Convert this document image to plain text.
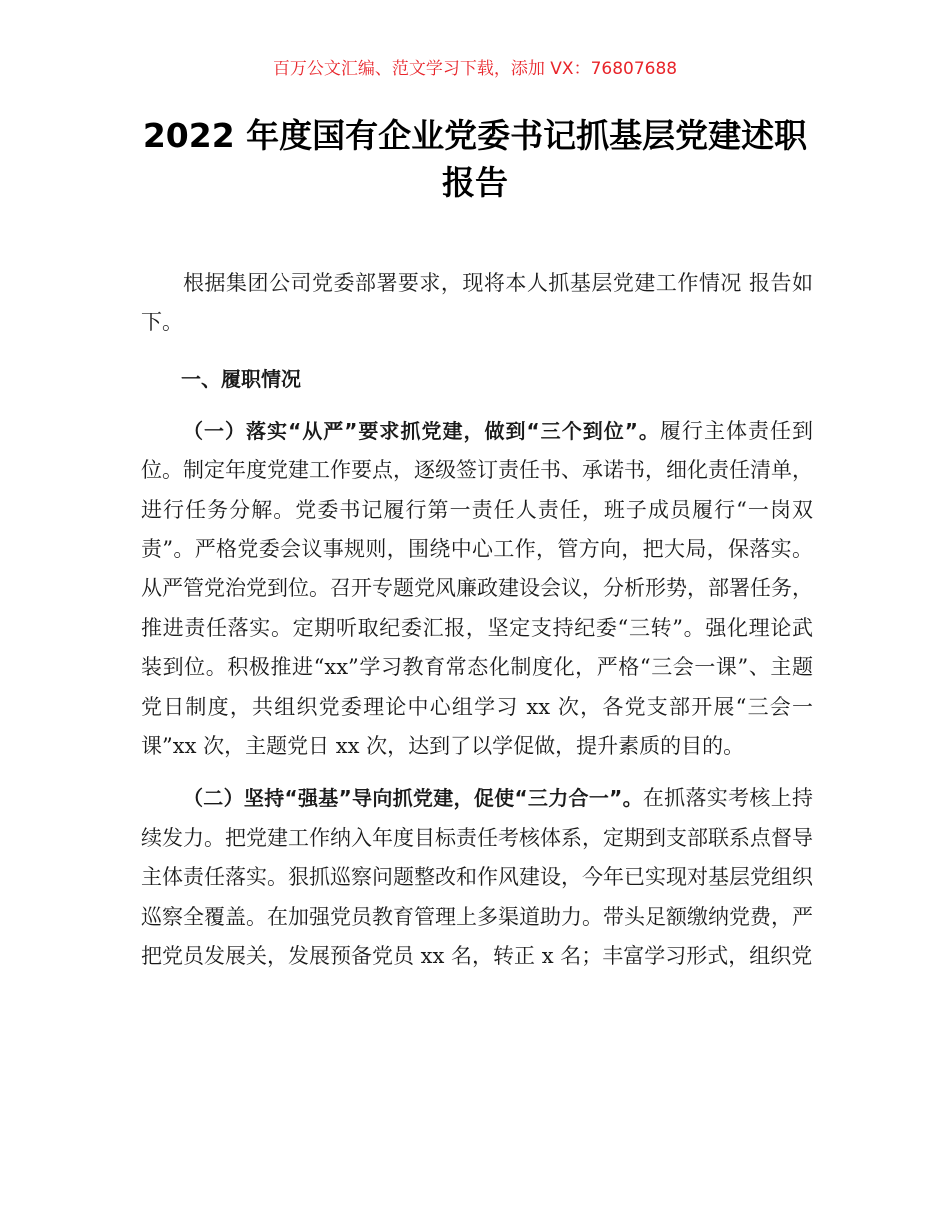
百万公文汇编、范文学习下载，添加 VX：76807688
2022 年度国有企业党委书记抓基层党建述职报告

根据集团公司党委部署要求，现将本人抓基层党建工作情况 报告如下。

一、履职情况

（一）落实“从严”要求抓党建，做到“三个到位”。履行主体责任到位。制定年度党建工作要点，逐级签订责任书、承诺书，细化责任清单，进行任务分解。党委书记履行第一责任人责任，班子成员履行“一岗双责”。严格党委会议事规则，围绕中心工作，管方向，把大局，保落实。从严管党治党到位。召开专题党风廉政建设会议，分析形势，部署任务，推进责任落实。定期听取纪委汇报，坚定支持纪委“三转”。强化理论武装到位。积极推进“xx”学习教育常态化制度化，严格“三会一课”、主题党日制度，共组织党委理论中心组学习 xx 次，各党支部开展“三会一课”xx 次，主题党日 xx 次，达到了以学促做，提升素质的目的。

（二）坚持“强基”导向抓党建，促使“三力合一”。在抓落实考核上持续发力。把党建工作纳入年度目标责任考核体系，定期到支部联系点督导主体责任落实。狠抓巡察问题整改和作风建设，今年已实现对基层党组织巡察全覆盖。在加强党员教育管理上多渠道助力。带头足额缴纳党费，严把党员发展关，发展预备党员 xx 名，转正 x 名；丰富学习形式，组织党
